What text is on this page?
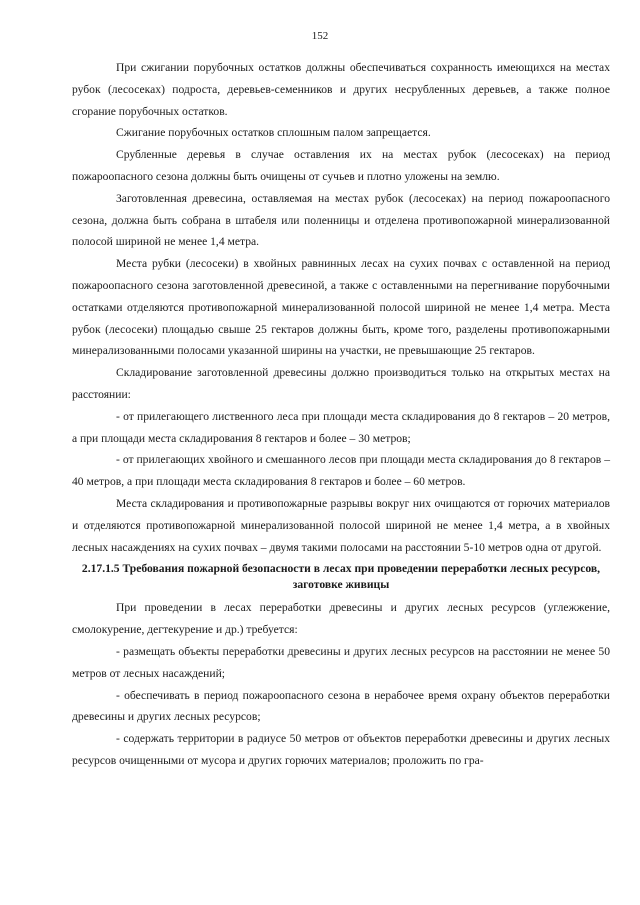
152

При сжигании порубочных остатков должны обеспечиваться сохранность имеющихся на местах рубок (лесосеках) подроста, деревьев-семенников и других несрубленных деревьев, а также полное сгорание порубочных остатков.

Сжигание порубочных остатков сплошным палом запрещается.

Срубленные деревья в случае оставления их на местах рубок (лесосеках) на период пожароопасного сезона должны быть очищены от сучьев и плотно уложены на землю.

Заготовленная древесина, оставляемая на местах рубок (лесосеках) на период пожароопасного сезона, должна быть собрана в штабеля или поленницы и отделена противопожарной минерализованной полосой шириной не менее 1,4 метра.

Места рубки (лесосеки) в хвойных равнинных лесах на сухих почвах с оставленной на период пожароопасного сезона заготовленной древесиной, а также с оставленными на перегнивание порубочными остатками отделяются противопожарной минерализованной полосой шириной не менее 1,4 метра. Места рубок (лесосеки) площадью свыше 25 гектаров должны быть, кроме того, разделены противопожарными минерализованными полосами указанной ширины на участки, не превышающие 25 гектаров.

Складирование заготовленной древесины должно производиться только на открытых местах на расстоянии:

- от прилегающего лиственного леса при площади места складирования до 8 гектаров – 20 метров, а при площади места складирования 8 гектаров и более – 30 метров;

- от прилегающих хвойного и смешанного лесов при площади места складирования до 8 гектаров – 40 метров, а при площади места складирования 8 гектаров и более – 60 метров.

Места складирования и противопожарные разрывы вокруг них очищаются от горючих материалов и отделяются противопожарной минерализованной полосой шириной не менее 1,4 метра, а в хвойных лесных насаждениях на сухих почвах – двумя такими полосами на расстоянии 5-10 метров одна от другой.

2.17.1.5 Требования пожарной безопасности в лесах при проведении переработки лесных ресурсов, заготовке живицы

При проведении в лесах переработки древесины и других лесных ресурсов (углежжение, смолокурение, дегтекурение и др.) требуется:

- размещать объекты переработки древесины и других лесных ресурсов на расстоянии не менее 50 метров от лесных насаждений;

- обеспечивать в период пожароопасного сезона в нерабочее время охрану объектов переработки древесины и других лесных ресурсов;

- содержать территории в радиусе 50 метров от объектов переработки древесины и других лесных ресурсов очищенными от мусора и других горючих материалов; проложить по гра-
